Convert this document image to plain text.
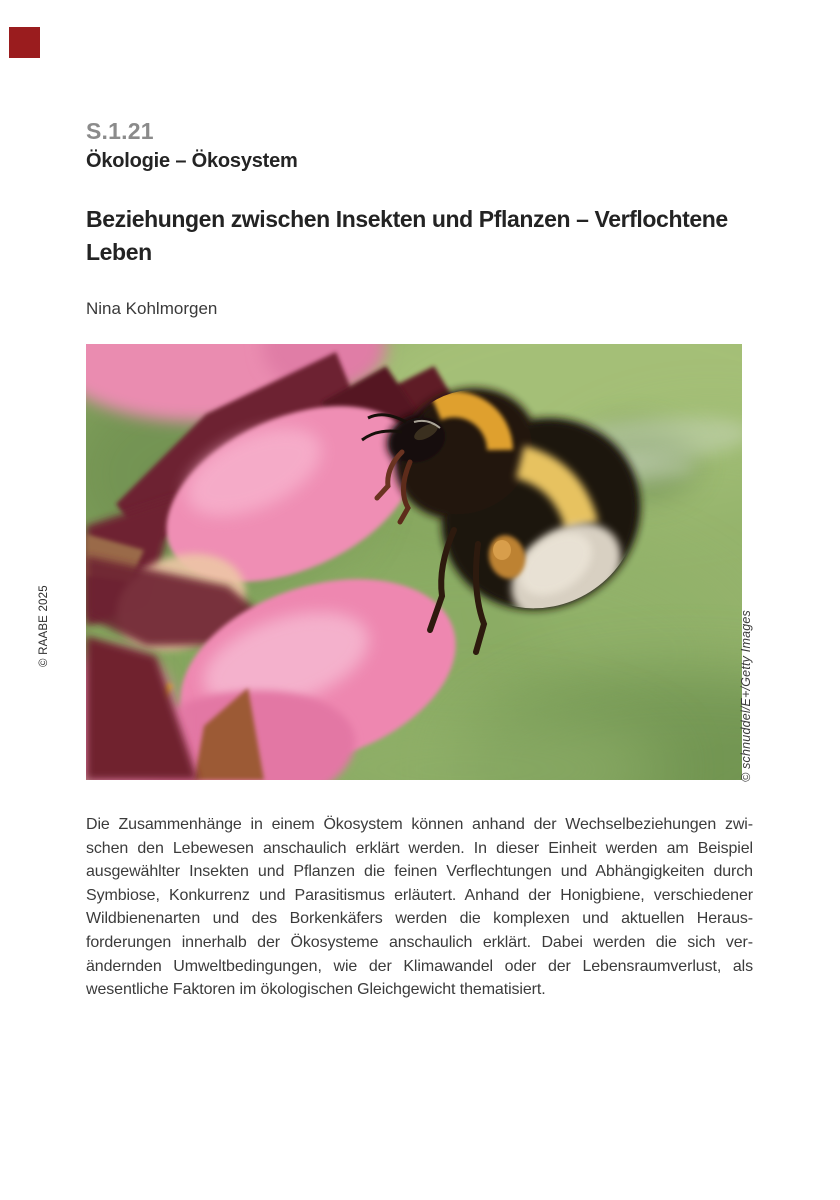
S.1.21
Ökologie – Ökosystem
Beziehungen zwischen Insekten und Pflanzen – Verflochtene
Leben
Nina Kohlmorgen
© RAABE 2025	© schnuddel/E+/Getty Images
Die Zusammenhänge in einem Ökosystem können anhand der Wechselbeziehungen zwi-
schen den Lebewesen anschaulich erklärt werden. In dieser Einheit werden am Beispiel
ausgewählter Insekten und Pflanzen die feinen Verflechtungen und Abhängigkeiten durch
Symbiose, Konkurrenz und Parasitismus erläutert. Anhand der Honigbiene, verschiedener
Wildbienenarten und des Borkenkäfers werden die komplexen und aktuellen Heraus-
forderungen innerhalb der Ökosysteme anschaulich erklärt. Dabei werden die sich ver-
ändernden Umweltbedingungen, wie der Klimawandel oder der Lebensraumverlust, als
wesentliche Faktoren im ökologischen Gleichgewicht thematisiert.
